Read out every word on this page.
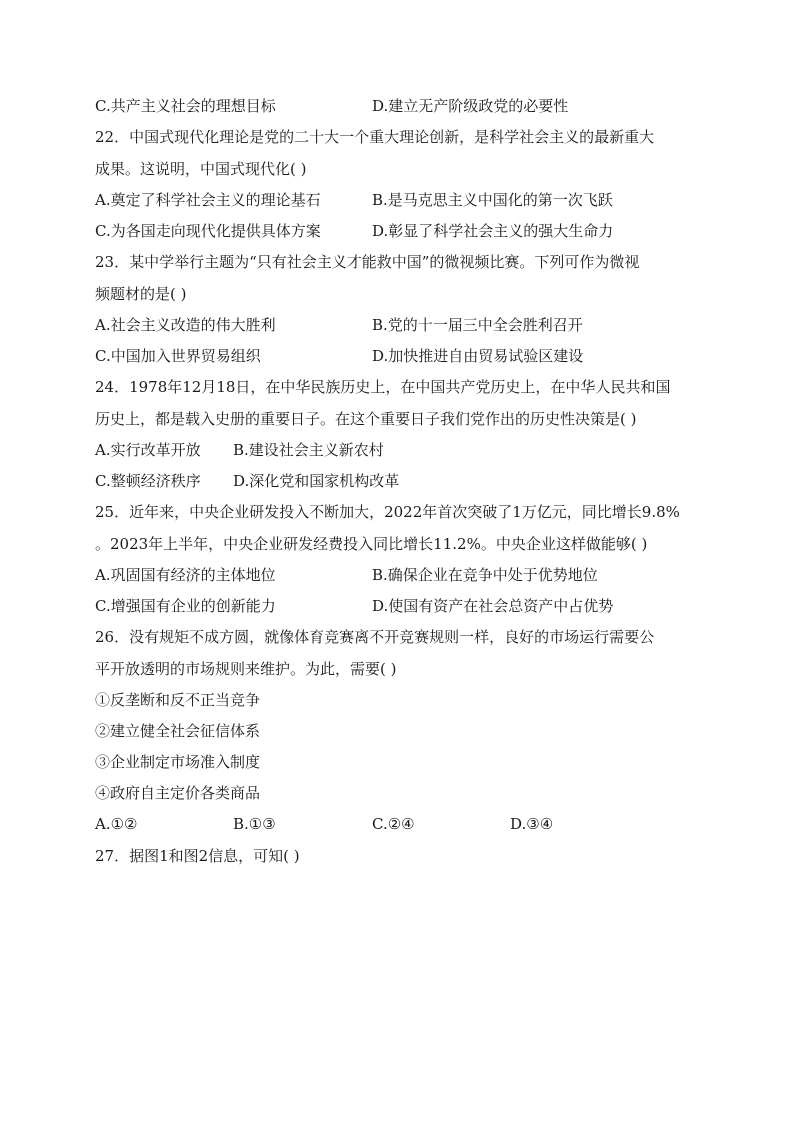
C.共产主义社会的理想目标	D.建立无产阶级政党的必要性
22．中国式现代化理论是党的二十大一个重大理论创新，是科学社会主义的最新重大
成果。这说明，中国式现代化( )
A.奠定了科学社会主义的理论基石	B.是马克思主义中国化的第一次飞跃
C.为各国走向现代化提供具体方案	D.彰显了科学社会主义的强大生命力
23．某中学举行主题为“只有社会主义才能救中国”的微视频比赛。下列可作为微视
频题材的是( )
A.社会主义改造的伟大胜利	B.党的十一届三中全会胜利召开
C.中国加入世界贸易组织	D.加快推进自由贸易试验区建设
24．1978年12月18日，在中华民族历史上，在中国共产党历史上，在中华人民共和国
历史上，都是载入史册的重要日子。在这个重要日子我们党作出的历史性决策是( )
A.实行改革开放 B.建设社会主义新农村
C.整顿经济秩序 D.深化党和国家机构改革
25．近年来，中央企业研发投入不断加大，2022年首次突破了1万亿元，同比增长9.8%
。2023年上半年，中央企业研发经费投入同比增长11.2%。中央企业这样做能够( )
A.巩固国有经济的主体地位	B.确保企业在竞争中处于优势地位
C.增强国有企业的创新能力	D.使国有资产在社会总资产中占优势
26．没有规矩不成方圆，就像体育竞赛离不开竞赛规则一样，良好的市场运行需要公
平开放透明的市场规则来维护。为此，需要( )
①反垄断和反不正当竞争
②建立健全社会征信体系
③企业制定市场准入制度
④政府自主定价各类商品
A.①②	B.①③	C.②④	D.③④
27．据图1和图2信息，可知( )
